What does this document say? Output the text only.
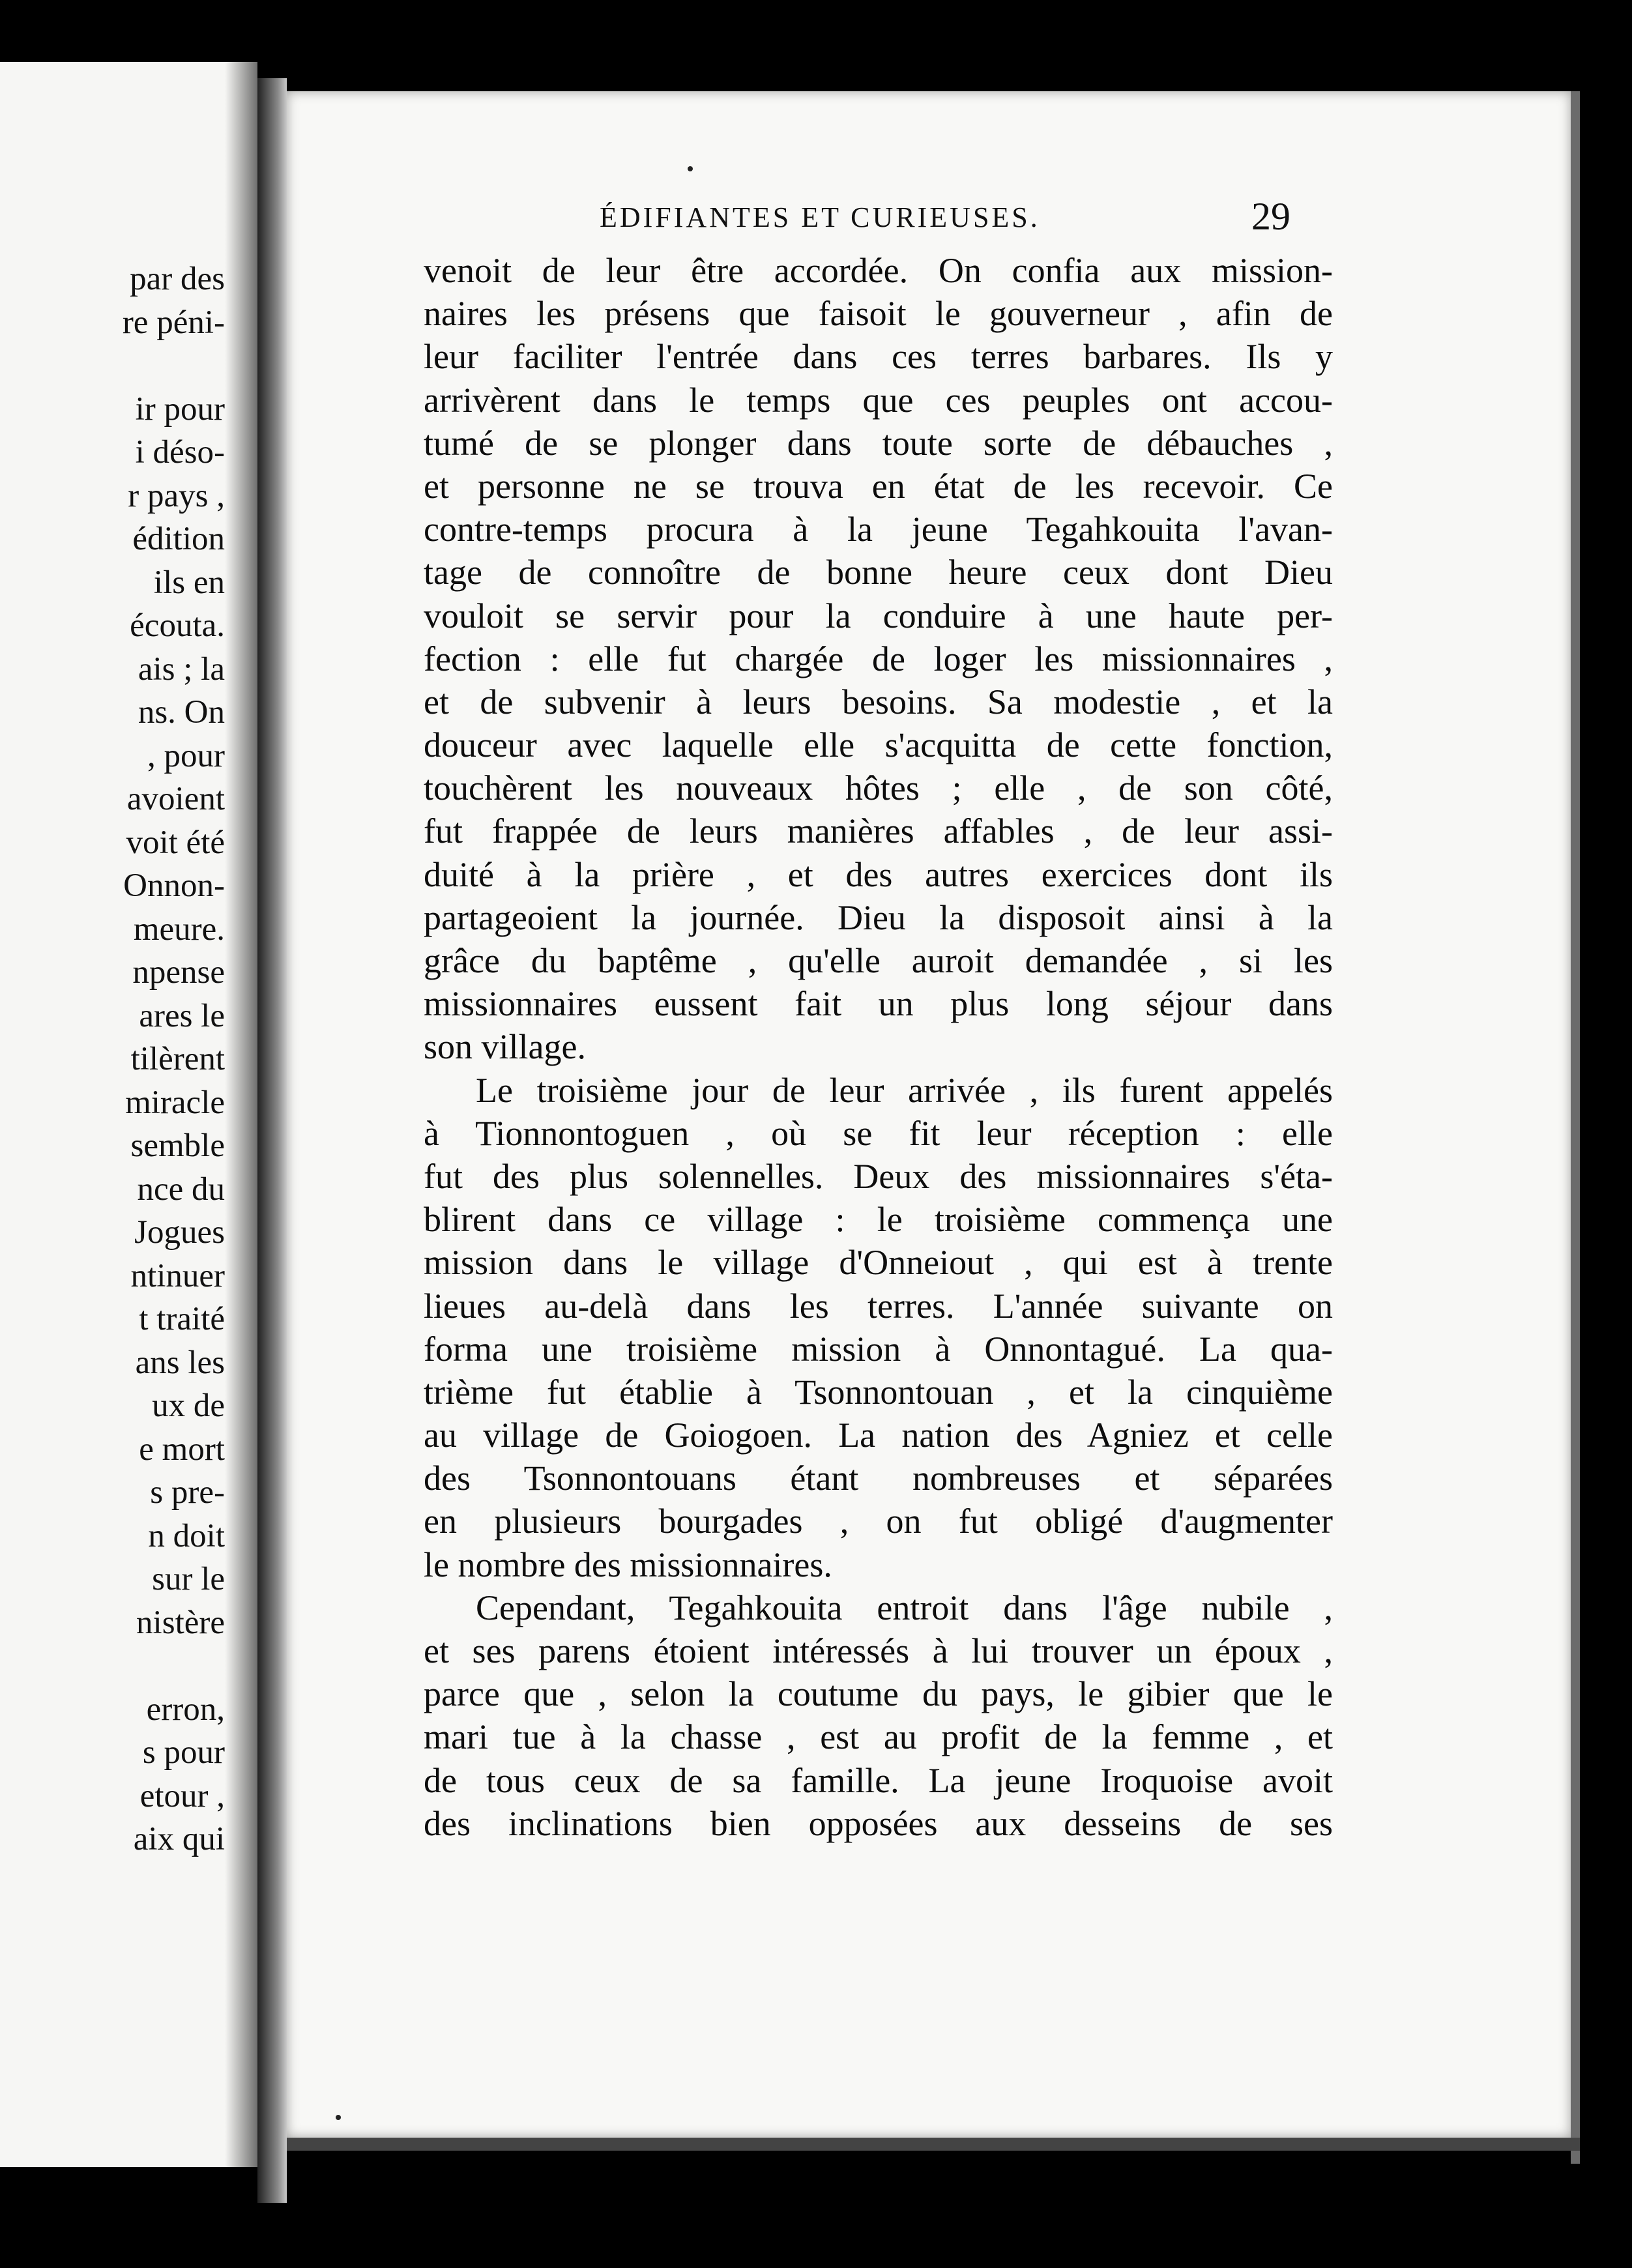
par des
re péni-
ir pour
i déso-
r pays ,
édition
ils en
écouta.
ais ; la
ns. On
, pour
avoient
voit été
Onnon-
meure.
npense
ares le
tilèrent
miracle
semble
nce du
Jogues
ntinuer
t traité
ans les
ux de
e mort
s pre-
n doit
sur le
nistère
erron,
s pour
etour ,
aix qui
ÉDIFIANTES ET CURIEUSES.	29
venoit de leur être accordée. On confia aux mission-
naires les présens que faisoit le gouverneur , afin de
leur faciliter l'entrée dans ces terres barbares. Ils y
arrivèrent dans le temps que ces peuples ont accou-
tumé de se plonger dans toute sorte de débauches ,
et personne ne se trouva en état de les recevoir. Ce
contre-temps procura à la jeune Tegahkouita l'avan-
tage de connoître de bonne heure ceux dont Dieu
vouloit se servir pour la conduire à une haute per-
fection : elle fut chargée de loger les missionnaires ,
et de subvenir à leurs besoins. Sa modestie , et la
douceur avec laquelle elle s'acquitta de cette fonction,
touchèrent les nouveaux hôtes ; elle , de son côté,
fut frappée de leurs manières affables , de leur assi-
duité à la prière , et des autres exercices dont ils
partageoient la journée. Dieu la disposoit ainsi à la
grâce du baptême , qu'elle auroit demandée , si les
missionnaires eussent fait un plus long séjour dans
son village.
Le troisième jour de leur arrivée , ils furent appelés
à Tionnontoguen , où se fit leur réception : elle
fut des plus solennelles. Deux des missionnaires s'éta-
blirent dans ce village : le troisième commença une
mission dans le village d'Onneiout , qui est à trente
lieues au-delà dans les terres. L'année suivante on
forma une troisième mission à Onnontagué. La qua-
trième fut établie à Tsonnontouan , et la cinquième
au village de Goiogoen. La nation des Agniez et celle
des Tsonnontouans étant nombreuses et séparées
en plusieurs bourgades , on fut obligé d'augmenter
le nombre des missionnaires.
Cependant, Tegahkouita entroit dans l'âge nubile ,
et ses parens étoient intéressés à lui trouver un époux ,
parce que , selon la coutume du pays, le gibier que le
mari tue à la chasse , est au profit de la femme , et
de tous ceux de sa famille. La jeune Iroquoise avoit
des inclinations bien opposées aux desseins de ses
